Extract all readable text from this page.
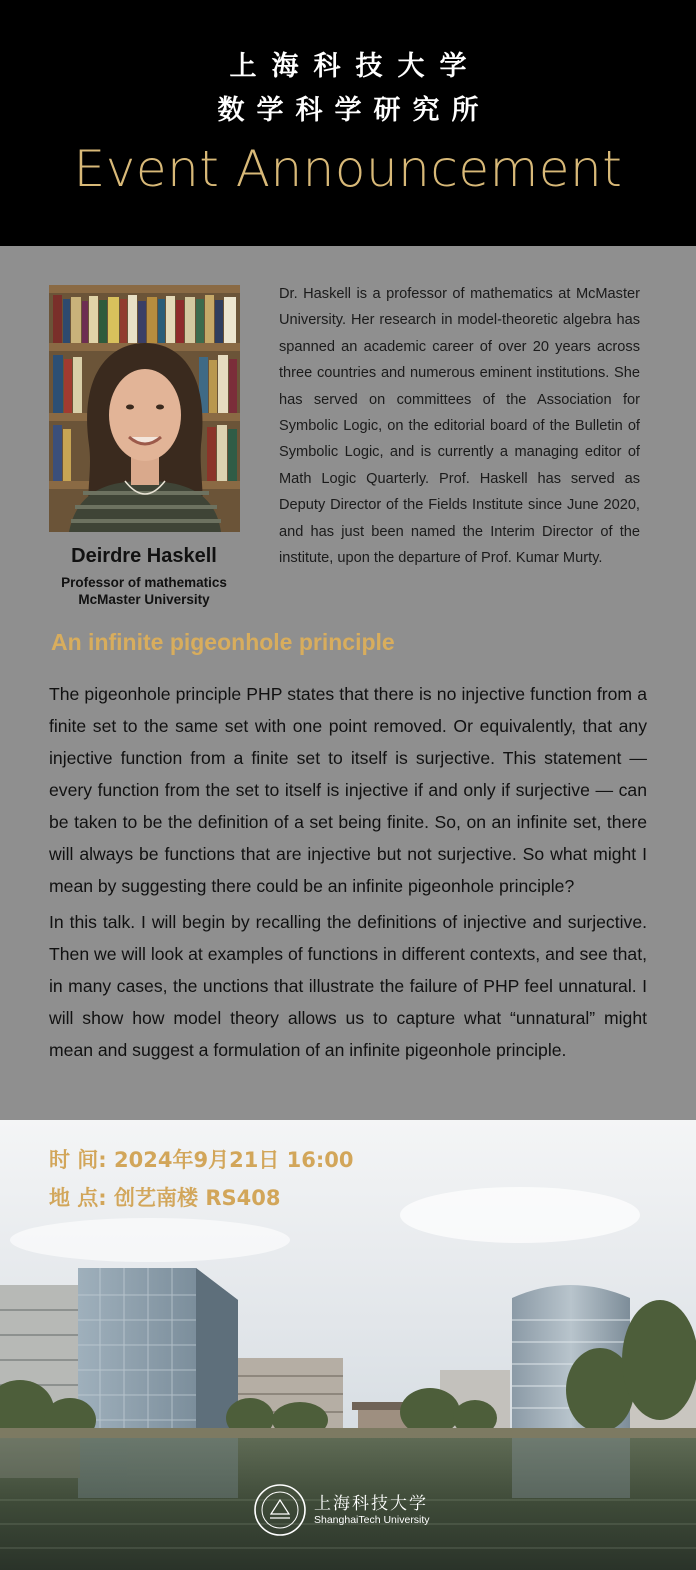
上海科技大学
数学科学研究所
Event Announcement
Deirdre Haskell
Professor of mathematics
McMaster University
Dr. Haskell is a professor of mathematics at McMaster University. Her research in model-theoretic algebra has spanned an academic career of over 20 years across three countries and numerous eminent institutions. She has served on committees of the Association for Symbolic Logic, on the editorial board of the Bulletin of Symbolic Logic, and is currently a managing editor of Math Logic Quarterly. Prof. Haskell has served as Deputy Director of the Fields Institute since June 2020, and has just been named the Interim Director of the institute, upon the departure of Prof. Kumar Murty.
An infinite pigeonhole principle

The pigeonhole principle PHP states that there is no injective function from a finite set to the same set with one point removed. Or equivalently, that any injective function from a finite set to itself is surjective. This statement — every function from the set to itself is injective if and only if surjective — can be taken to be the definition of a set being finite. So, on an infinite set, there will always be functions that are injective but not surjective. So what might I mean by suggesting there could be an infinite pigeonhole principle?

In this talk. I will begin by recalling the definitions of injective and surjective. Then we will look at examples of functions in different contexts, and see that, in many cases, the unctions that illustrate the failure of PHP feel unnatural. I will show how model theory allows us to capture what “unnatural” might mean and suggest a formulation of an infinite pigeonhole principle.

时 间: 2024年9月21日 16:00
地 点: 创艺南楼 RS408
上海科技大学
ShanghaiTech University
